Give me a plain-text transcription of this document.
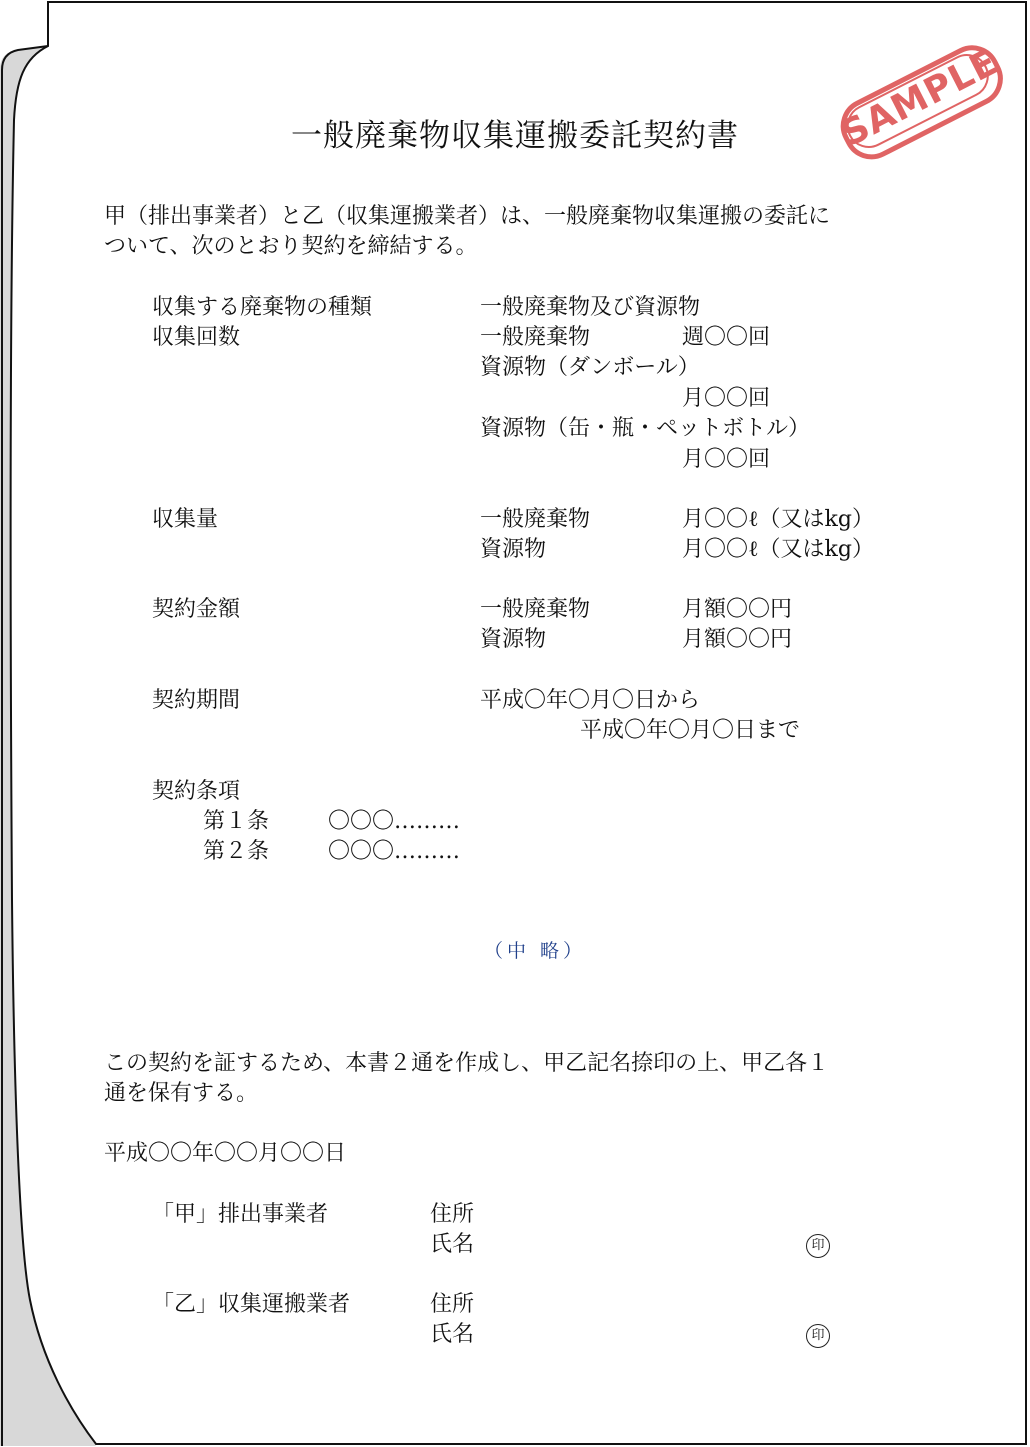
一般廃棄物収集運搬委託契約書	SAMPLE
甲（排出事業者）と乙（収集運搬業者）は、一般廃棄物収集運搬の委託に
ついて、次のとおり契約を締結する。
収集する廃棄物の種類	一般廃棄物及び資源物
収集回数	一般廃棄物	週〇〇回
資源物（ダンボール）
月〇〇回
資源物（缶・瓶・ペットボトル）
月〇〇回
収集量	一般廃棄物	月〇〇ℓ（又はkg）
資源物	月〇〇ℓ（又はkg）
契約金額	一般廃棄物	月額〇〇円
資源物	月額〇〇円
契約期間	平成〇年〇月〇日から
平成〇年〇月〇日まで
契約条項
第１条	〇〇〇………
第２条	〇〇〇………
（中 略）
この契約を証するため、本書２通を作成し、甲乙記名捺印の上、甲乙各１
通を保有する。
平成〇〇年〇〇月〇〇日
「甲」排出事業者	住所
氏名	印
「乙」収集運搬業者	住所
氏名	印
